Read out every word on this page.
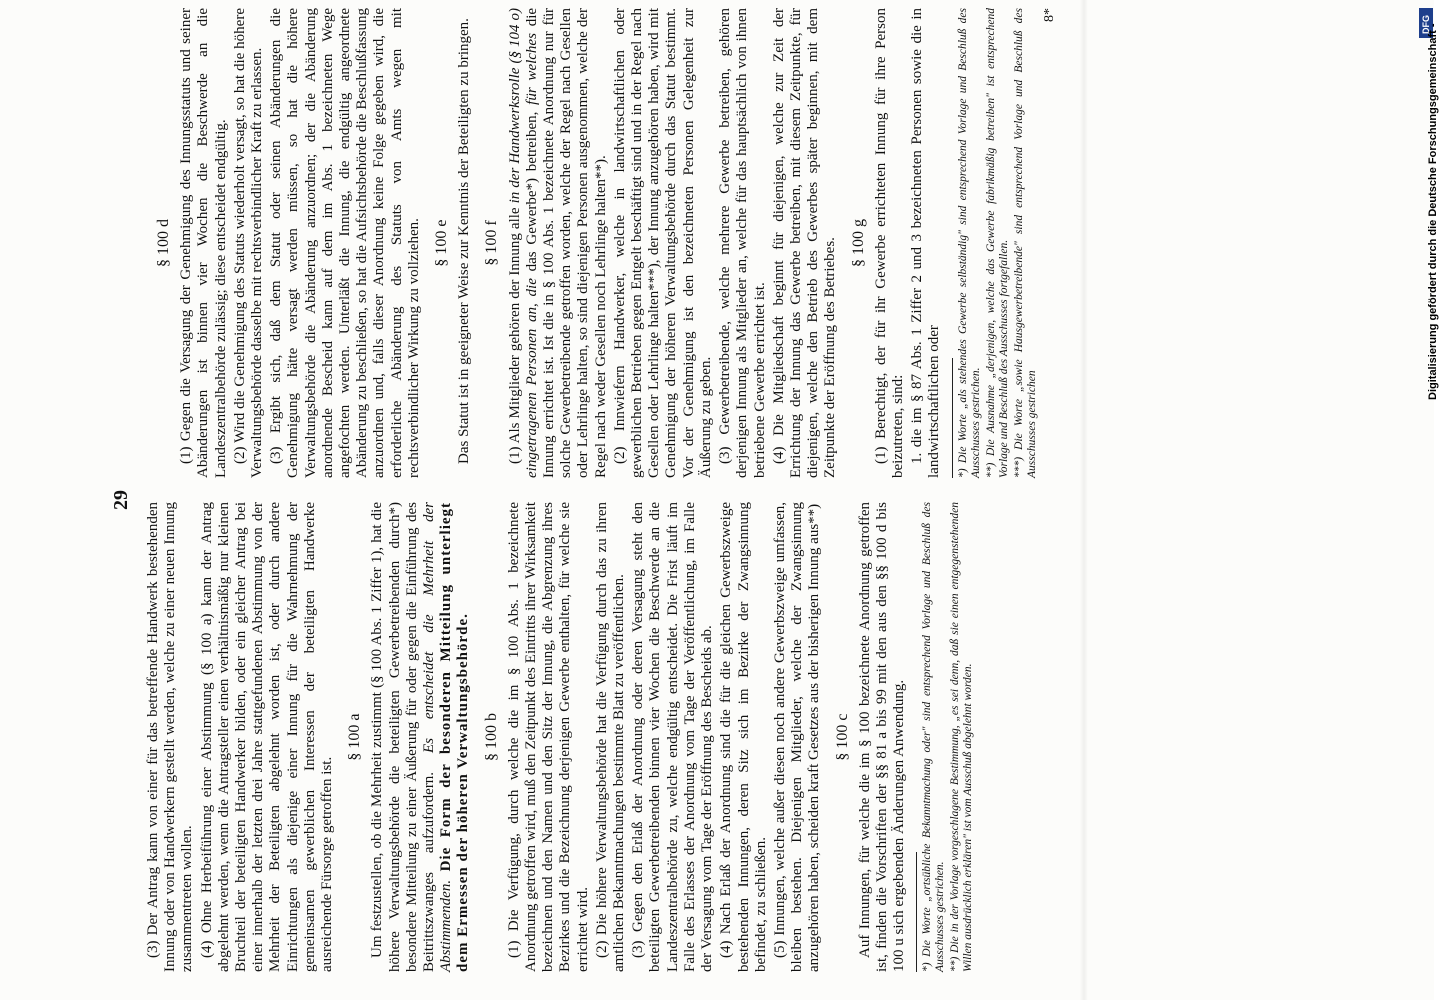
29

(3) Der Antrag kann von einer für das betreffende Handwerk bestehenden Innung oder von Handwerkern gestellt werden, welche zu einer neuen Innung zusammentreten wollen. (4) Ohne Herbeiführung einer Abstimmung (§ 100 a) kann der Antrag abgelehnt werden, wenn die Antragsteller einen verhältnismäßig nur kleinen Bruchteil der beteiligten Handwerker bilden, oder ein gleicher Antrag bei einer innerhalb der letzten drei Jahre stattgefundenen Abstimmung von der Mehrheit der Beteiligten abgelehnt worden ist, oder durch andere Einrichtungen als diejenige einer Innung für die Wahrnehmung der gemeinsamen gewerblichen Interessen der beteiligten Handwerke ausreichende Fürsorge getroffen ist.

§ 100 a Um festzustellen, ob die Mehrheit zustimmt (§ 100 Abs. 1 Ziffer 1), hat die höhere Verwaltungsbehörde die beteiligten Gewerbetreibenden durch*) besondere Mitteilung zu einer Äußerung für oder gegen die Einführung des Beitrittszwanges aufzufordern. Es entscheidet die Mehrheit der Abstimmenden. Die Form der besonderen Mitteilung unterliegt dem Ermessen der höheren Verwaltungsbehörde. § 100 b (1) Die Verfügung, durch welche die im § 100 Abs. 1 bezeichnete Anordnung getroffen wird, muß den Zeitpunkt des Eintritts ihrer Wirksamkeit bezeichnen und den Namen und den Sitz der Innung, die Abgrenzung ihres Bezirkes und die Bezeichnung derjenigen Gewerbe enthalten, für welche sie errichtet wird. (2) Die höhere Verwaltungsbehörde hat die Verfügung durch das zu ihren amtlichen Bekanntmachungen bestimmte Blatt zu veröffentlichen. (3) Gegen den Erlaß der Anordnung oder deren Versagung steht den beteiligten Gewerbetreibenden binnen vier Wochen die Beschwerde an die Landeszentralbehörde zu, welche endgültig entscheidet. Die Frist läuft im Falle des Erlasses der Anordnung vom Tage der Veröffentlichung, im Falle der Versagung vom Tage der Eröffnung des Bescheids ab. (4) Nach Erlaß der Anordnung sind die für die gleichen Gewerbszweige bestehenden Innungen, deren Sitz sich im Bezirke der Zwangsinnung befindet, zu schließen. (5) Innungen, welche außer diesen noch andere Gewerbszweige umfassen, bleiben bestehen. Diejenigen Mitglieder, welche der Zwangsinnung anzugehören haben, scheiden kraft Gesetzes aus der bisherigen Innung aus**) § 100 c Auf Innungen, für welche die im § 100 bezeichnete Anordnung getroffen ist, finden die Vorschriften der §§ 81 a bis 99 mit den aus den §§ 100 d bis 100 u sich ergebenden Änderungen Anwendung. *) Die Worte „ortsübliche Bekanntmachung oder" sind entsprechend Vorlage und Beschluß des Ausschusses gestrichen. **) Die in der Vorlage vorgeschlagene Bestimmung, „es sei denn, daß sie einen entgegenstehenden Willen ausdrücklich erklären" ist vom Ausschuß abgelehnt worden.

§ 100 d (1) Gegen die Versagung der Genehmigung des Innungsstatuts und seiner Abänderungen ist binnen vier Wochen die Beschwerde an die Landeszentralbehörde zulässig; diese entscheidet endgültig. (2) Wird die Genehmigung des Statuts wiederholt versagt, so hat die höhere Verwaltungsbehörde dasselbe mit rechtsverbindlicher Kraft zu erlassen. (3) Ergibt sich, daß dem Statut oder seinen Abänderungen die Genehmigung hätte versagt werden müssen, so hat die höhere Verwaltungsbehörde die Abänderung anzuordnen; der die Abänderung anordnende Bescheid kann auf dem im Abs. 1 bezeichneten Wege angefochten werden. Unterläßt die Innung, die endgültig angeordnete Abänderung zu beschließen, so hat die Aufsichtsbehörde die Beschlußfassung anzuordnen und, falls dieser Anordnung keine Folge gegeben wird, die erforderliche Abänderung des Statuts von Amts wegen mit rechtsverbindlicher Wirkung zu vollziehen. § 100 e Das Statut ist in geeigneter Weise zur Kenntnis der Beteiligten zu bringen. § 100 f (1) Als Mitglieder gehören der Innung alle in der Handwerksrolle (§ 104 o) eingetragenen Personen an, die das Gewerbe*) betreiben, für welches die Innung errichtet ist. Ist die in § 100 Abs. 1 bezeichnete Anordnung nur für solche Gewerbetreibende getroffen worden, welche der Regel nach Gesellen oder Lehrlinge halten, so sind diejenigen Personen ausgenommen, welche der Regel nach weder Gesellen noch Lehrlinge halten**). (2) Innwiefern Handwerker, welche in landwirtschaftlichen oder gewerblichen Betrieben gegen Entgelt beschäftigt sind und in der Regel nach Gesellen oder Lehrlinge halten***), der Innung anzugehören haben, wird mit Genehmigung der höheren Verwaltungsbehörde durch das Statut bestimmt. Vor der Genehmigung ist den bezeichneten Personen Gelegenheit zur Äußerung zu geben. (3) Gewerbetreibende, welche mehrere Gewerbe betreiben, gehören derjenigen Innung als Mitglieder an, welche für das hauptsächlich von ihnen betriebene Gewerbe errichtet ist. (4) Die Mitgliedschaft beginnt für diejenigen, welche zur Zeit der Errichtung der Innung das Gewerbe betreiben, mit diesem Zeitpunkte, für diejenigen, welche den Betrieb des Gewerbes später beginnen, mit dem Zeitpunkte der Eröffnung des Betriebes. § 100 g (1) Berechtigt, der für ihr Gewerbe errichteten Innung für ihre Person beizutreten, sind: 1. die im § 87 Abs. 1 Ziffer 2 und 3 bezeichneten Personen sowie die in landwirtschaftlichen oder *) Die Worte „als stehendes Gewerbe selbständig" sind entsprechend Vorlage und Beschluß des Ausschusses gestrichen. **) Die Ausnahme „derjenigen, welche das Gewerbe fabrikmäßig betreiben" ist entsprechend Vorlage und Beschluß des Ausschusses fortgefallen. ***) Die Worte „sowie Hausgewerbetreibende" sind entsprechend Vorlage und Beschluß des Ausschusses gestrichen

8*	DFG
Digitalisierung gefördert durch die Deutsche Forschungsgemeinschaft -
